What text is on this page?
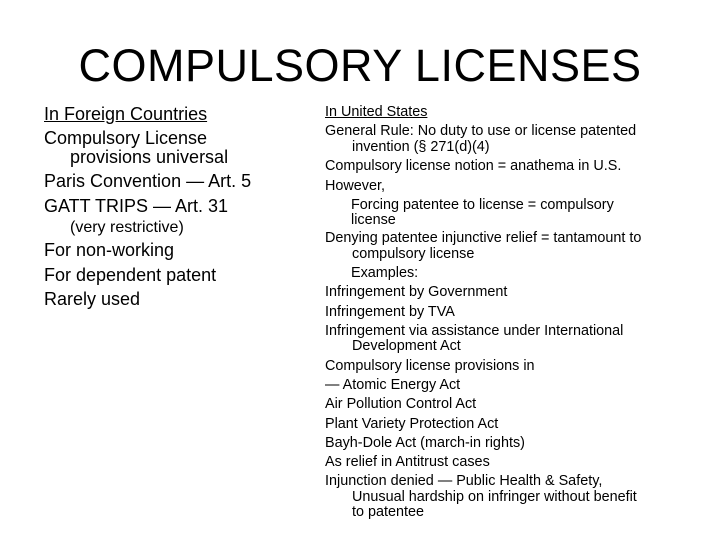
COMPULSORY LICENSES
In Foreign Countries
Compulsory License
provisions universal
Paris Convention — Art. 5
GATT TRIPS — Art. 31
(very restrictive)
For non-working
For dependent patent
Rarely used
In United States
General Rule: No duty to use or license patented
invention (§ 271(d)(4)
Compulsory license notion = anathema in U.S.
However,
Forcing patentee to license = compulsory
license
Denying patentee injunctive relief = tantamount to
compulsory license
Examples:
Infringement by Government
Infringement by TVA
Infringement via assistance under International
Development Act
Compulsory license provisions in
— Atomic Energy Act
Air Pollution Control Act
Plant Variety Protection Act
Bayh-Dole Act (march-in rights)
As relief in Antitrust cases
Injunction denied — Public Health & Safety,
Unusual hardship on infringer without benefit
to patentee
